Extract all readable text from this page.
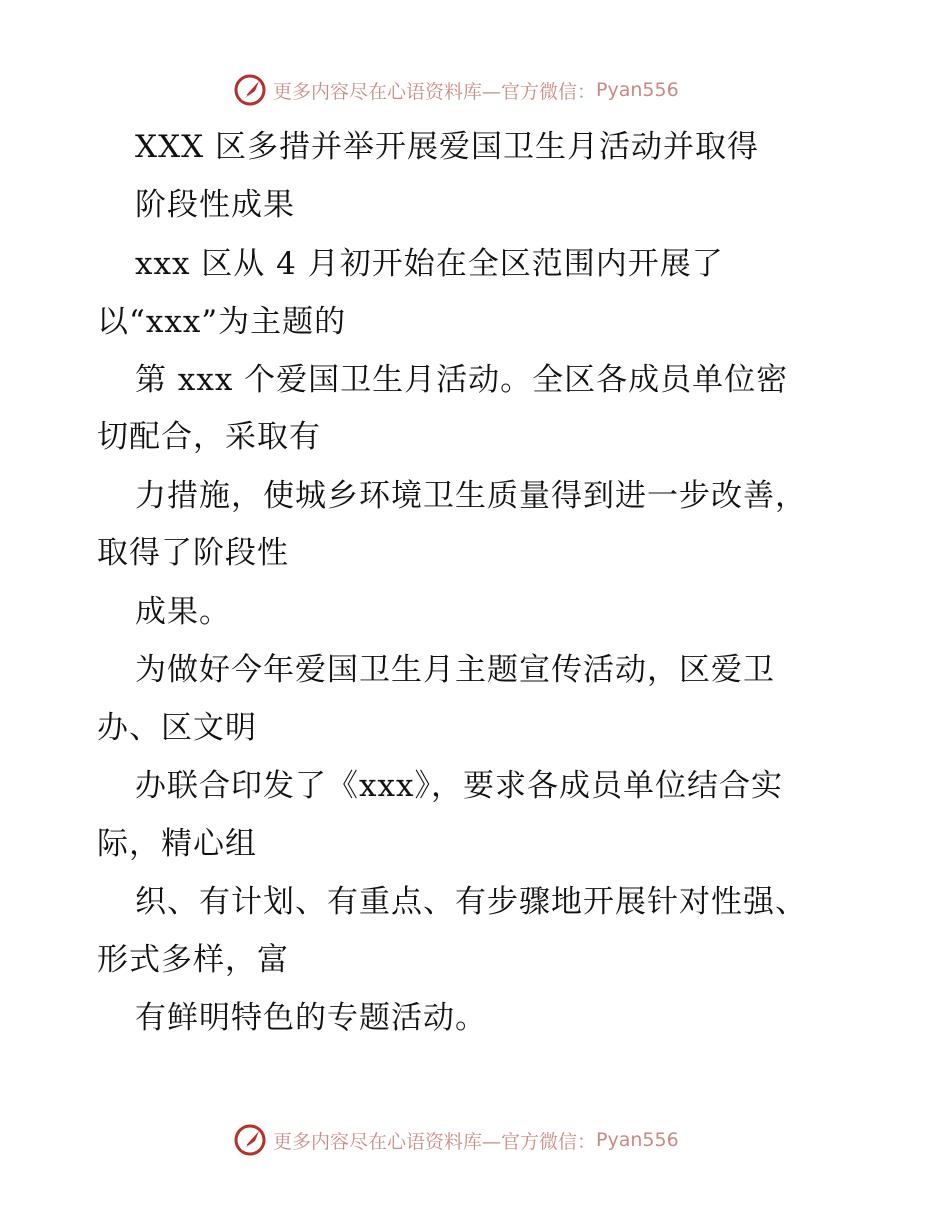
更多内容尽在心语资料库—官方微信： Pyan556
XXX 区多措并举开展爱国卫生月活动并取得
阶段性成果
xxx 区从 4 月初开始在全区范围内开展了
以“xxx”为主题的
第 xxx 个爱国卫生月活动。全区各成员单位密
切配合，采取有
力措施，使城乡环境卫生质量得到进一步改善，
取得了阶段性
成果。
为做好今年爱国卫生月主题宣传活动，区爱卫
办、区文明
办联合印发了《xxx》，要求各成员单位结合实
际，精心组
织、有计划、有重点、有步骤地开展针对性强、
形式多样，富
有鲜明特色的专题活动。
更多内容尽在心语资料库—官方微信： Pyan556
